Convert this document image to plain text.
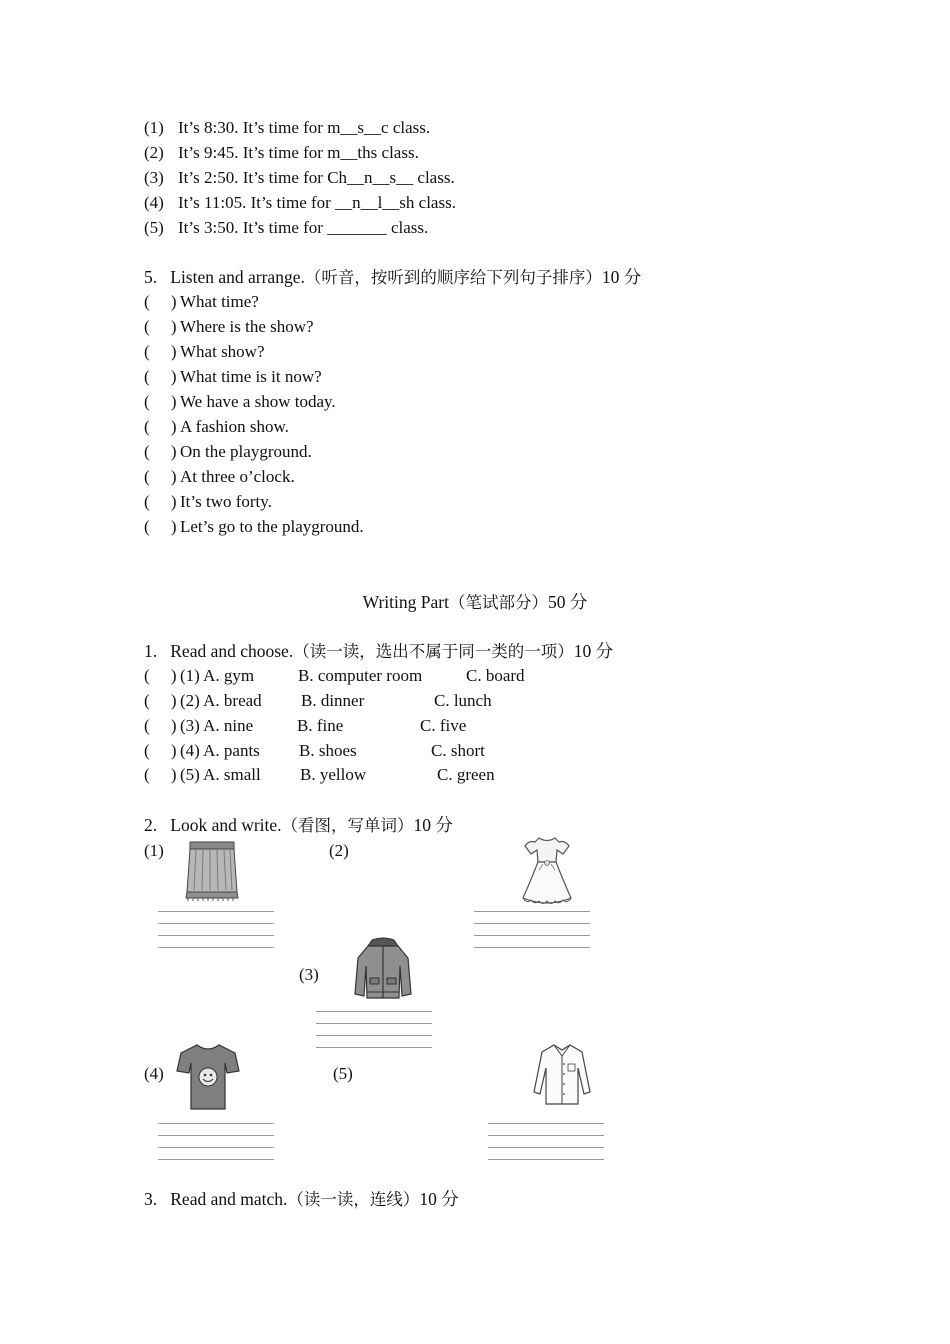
(1) It’s 8:30. It’s time for m__s__c class.
(2) It’s 9:45. It’s time for m__ths class.
(3) It’s 2:50. It’s time for Ch__n__s__ class.
(4) It’s 11:05. It’s time for __n__l__sh class.
(5) It’s 3:50. It’s time for _______ class.
5.   Listen and arrange.（听音，按听到的顺序给下列句子排序）10 分
(     ) What time?
(     ) Where is the show?
(     ) What show?
(     ) What time is it now?
(     ) We have a show today.
(     ) A fashion show.
(     ) On the playground.
(     ) At three o’clock.
(     ) It’s two forty.
(     ) Let’s go to the playground.
Writing Part（笔试部分）50 分
1.   Read and choose.（读一读，选出不属于同一类的一项）10 分
(     ) (1) A. gym	B. computer room	C. board
(     ) (2) A. bread B. dinner	C. lunch
(     ) (3) A. nine	B. fine	C. five
(     ) (4) A. pants B. shoes	C. short
(     ) (5) A. small B. yellow	C. green
2.   Look and write.（看图，写单词）10 分
(1)	(2)
(3)
(4)	(5)
3.   Read and match.（读一读，连线）10 分
